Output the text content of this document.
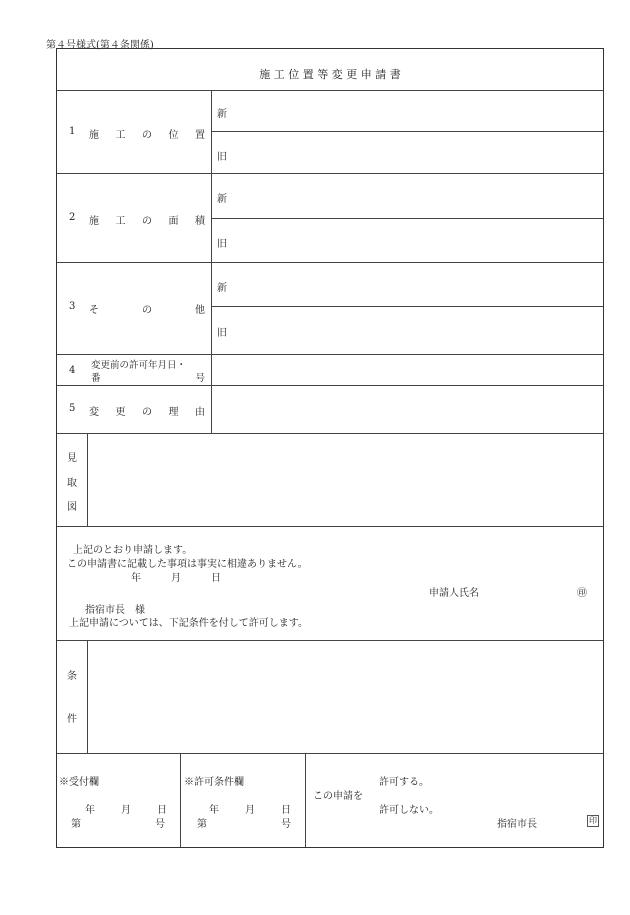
第４号様式(第４条関係)
施 工 位 置 等 変 更 申 請 書
1 施 工 の 位 置
新
旧
2 施 工 の 面 積
新
旧
3 そ	の	他
新
旧
4 変更前の許可年月日・
番	号
5 変 更 の 理 由
見
取
図
上記のとおり申請します。
この申請書に記載した事項は事実に相違ありません。
年	月	日
申請人氏名	㊞
指宿市長　様
上記申請については、下記条件を付して許可します。
条
件
※受付欄
年	月	日
第	号
※許可条件欄
年	月	日
第	号
許可する。
この申請を
許可しない。
指宿市長	印
